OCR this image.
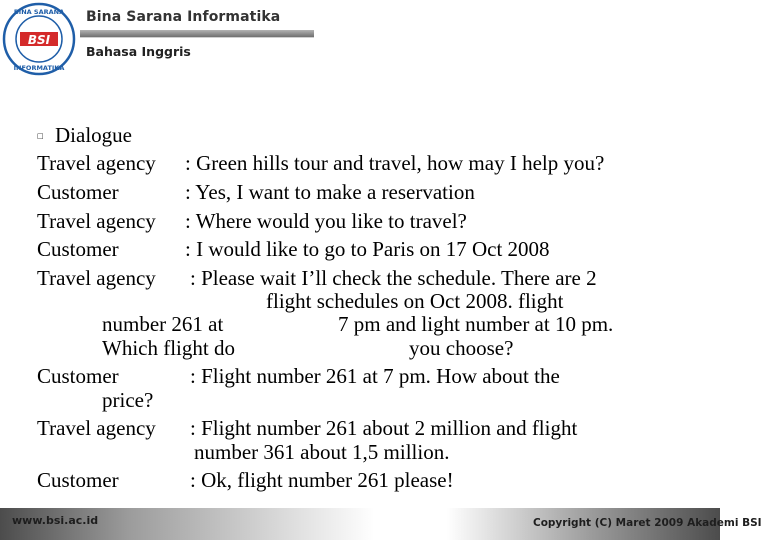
BSI
BINA SARANA
INFORMATIKA
Bina Sarana Informatika
Bahasa Inggris
□ Dialogue
Travel agency : Green hills tour and travel, how may I help you?
Customer	: Yes, I want to make a reservation
Travel agency : Where would you like to travel?
Customer	: I would like to go to Paris on 17 Oct 2008
Travel agency : Please wait I’ll check the schedule. There are 2
flight schedules on Oct 2008. flight
number 261 at	7 pm and light number at 10 pm.
Which flight do	you choose?
Customer	: Flight number 261 at 7 pm. How about the
price?
Travel agency : Flight number 261 about 2 million and flight
number 361 about 1,5 million.
Customer	: Ok, flight number 261 please!
www.bsi.ac.id	Copyright (C) Maret 2009 Akademi BSI
